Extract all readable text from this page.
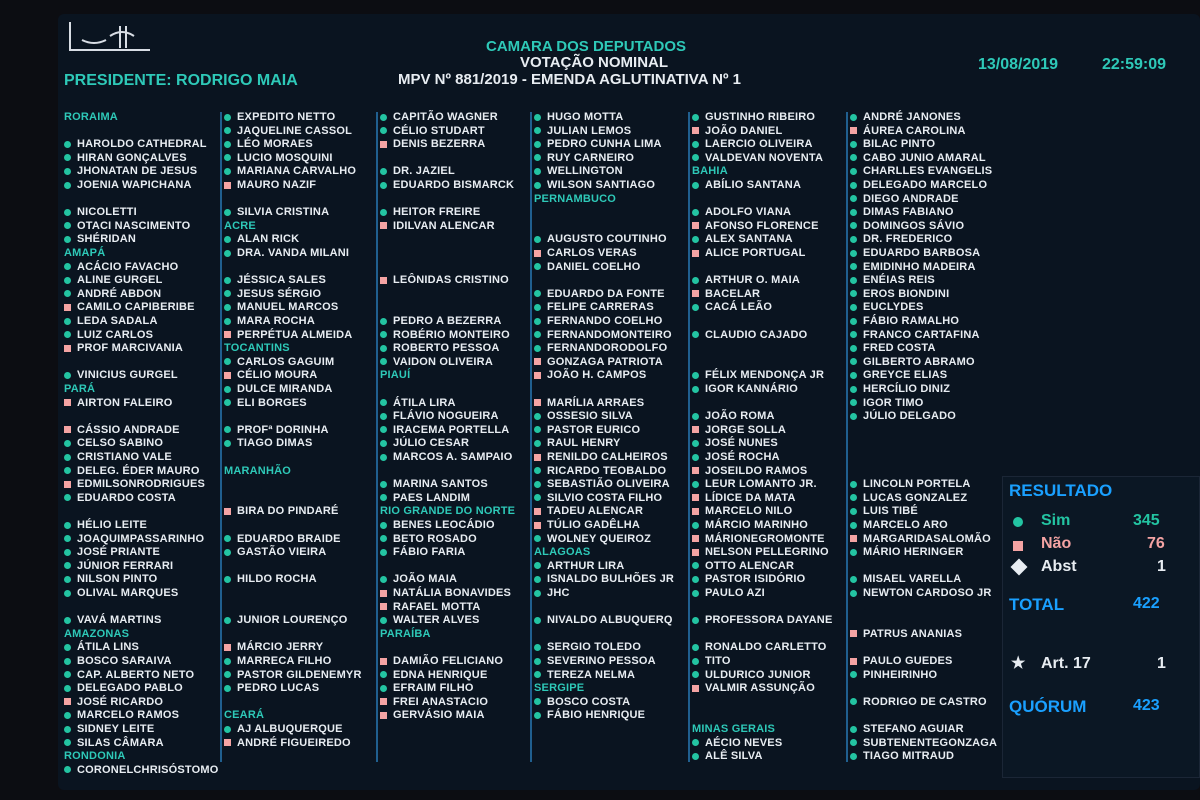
CAMARA DOS DEPUTADOS
VOTAÇÃO NOMINAL
MPV Nº 881/2019 - EMENDA AGLUTINATIVA Nº 1
PRESIDENTE: RODRIGO MAIA
13/08/2019	22:59:09
RORAIMA
HAROLDO CATHEDRAL
HIRAN GONÇALVES
JHONATAN DE JESUS
JOENIA WAPICHANA
NICOLETTI
OTACI NASCIMENTO
SHÉRIDAN
AMAPÁ
ACÁCIO FAVACHO
ALINE GURGEL
ANDRÉ ABDON
CAMILO CAPIBERIBE
LEDA SADALA
LUIZ CARLOS
PROF MARCIVANIA
VINICIUS GURGEL
PARÁ
AIRTON FALEIRO
CÁSSIO ANDRADE
CELSO SABINO
CRISTIANO VALE
DELEG. ÉDER MAURO
EDMILSONRODRIGUES
EDUARDO COSTA
HÉLIO LEITE
JOAQUIMPASSARINHO
JOSÉ PRIANTE
JÚNIOR FERRARI
NILSON PINTO
OLIVAL MARQUES
VAVÁ MARTINS
AMAZONAS
ÁTILA LINS
BOSCO SARAIVA
CAP. ALBERTO NETO
DELEGADO PABLO
JOSÉ RICARDO
MARCELO RAMOS
SIDNEY LEITE
SILAS CÂMARA
RONDONIA
CORONELCHRISÓSTOMO
EXPEDITO NETTO
JAQUELINE CASSOL
LÉO MORAES
LUCIO MOSQUINI
MARIANA CARVALHO
MAURO NAZIF
SILVIA CRISTINA
ACRE
ALAN RICK
DRA. VANDA MILANI
JÉSSICA SALES
JESUS SÉRGIO
MANUEL MARCOS
MARA ROCHA
PERPÉTUA ALMEIDA
TOCANTINS
CARLOS GAGUIM
CÉLIO MOURA
DULCE MIRANDA
ELI BORGES
PROFª DORINHA
TIAGO DIMAS
MARANHÃO
BIRA DO PINDARÉ
EDUARDO BRAIDE
GASTÃO VIEIRA
HILDO ROCHA
JUNIOR LOURENÇO
MÁRCIO JERRY
MARRECA FILHO
PASTOR GILDENEMYR
PEDRO LUCAS
CEARÁ
AJ ALBUQUERQUE
ANDRÉ FIGUEIREDO
CAPITÃO WAGNER
CÉLIO STUDART
DENIS BEZERRA
DR. JAZIEL
EDUARDO BISMARCK
HEITOR FREIRE
IDILVAN ALENCAR
LEÔNIDAS CRISTINO
PEDRO A BEZERRA
ROBÉRIO MONTEIRO
ROBERTO PESSOA
VAIDON OLIVEIRA
PIAUÍ
ÁTILA LIRA
FLÁVIO NOGUEIRA
IRACEMA PORTELLA
JÚLIO CESAR
MARCOS A. SAMPAIO
MARINA SANTOS
PAES LANDIM
RIO GRANDE DO NORTE
BENES LEOCÁDIO
BETO ROSADO
FÁBIO FARIA
JOÃO MAIA
NATÁLIA BONAVIDES
RAFAEL MOTTA
WALTER ALVES
PARAÍBA
DAMIÃO FELICIANO
EDNA HENRIQUE
EFRAIM FILHO
FREI ANASTACIO
GERVÁSIO MAIA
HUGO MOTTA
JULIAN LEMOS
PEDRO CUNHA LIMA
RUY CARNEIRO
WELLINGTON
WILSON SANTIAGO
PERNAMBUCO
AUGUSTO COUTINHO
CARLOS VERAS
DANIEL COELHO
EDUARDO DA FONTE
FELIPE CARRERAS
FERNANDO COELHO
FERNANDOMONTEIRO
FERNANDORODOLFO
GONZAGA PATRIOTA
JOÃO H. CAMPOS
MARÍLIA ARRAES
OSSESIO SILVA
PASTOR EURICO
RAUL HENRY
RENILDO CALHEIROS
RICARDO TEOBALDO
SEBASTIÃO OLIVEIRA
SILVIO COSTA FILHO
TADEU ALENCAR
TÚLIO GADÊLHA
WOLNEY QUEIROZ
ALAGOAS
ARTHUR LIRA
ISNALDO BULHÕES JR
JHC
NIVALDO ALBUQUERQ
SERGIO TOLEDO
SEVERINO PESSOA
TEREZA NELMA
SERGIPE
BOSCO COSTA
FÁBIO HENRIQUE
GUSTINHO RIBEIRO
JOÃO DANIEL
LAERCIO OLIVEIRA
VALDEVAN NOVENTA
BAHIA
ABÍLIO SANTANA
ADOLFO VIANA
AFONSO FLORENCE
ALEX SANTANA
ALICE PORTUGAL
ARTHUR O. MAIA
BACELAR
CACÁ LEÃO
CLAUDIO CAJADO
FÉLIX MENDONÇA JR
IGOR KANNÁRIO
JOÃO ROMA
JORGE SOLLA
JOSÉ NUNES
JOSÉ ROCHA
JOSEILDO RAMOS
LEUR LOMANTO JR.
LÍDICE DA MATA
MARCELO NILO
MÁRCIO MARINHO
MÁRIONEGROMONTE
NELSON PELLEGRINO
OTTO ALENCAR
PASTOR ISIDÓRIO
PAULO AZI
PROFESSORA DAYANE
RONALDO CARLETTO
TITO
ULDURICO JUNIOR
VALMIR ASSUNÇÃO
MINAS GERAIS
AÉCIO NEVES
ALÊ SILVA
ANDRÉ JANONES
ÁUREA CAROLINA
BILAC PINTO
CABO JUNIO AMARAL
CHARLLES EVANGELIS
DELEGADO MARCELO
DIEGO ANDRADE
DIMAS FABIANO
DOMINGOS SÁVIO
DR. FREDERICO
EDUARDO BARBOSA
EMIDINHO MADEIRA
ENÉIAS REIS
EROS BIONDINI
EUCLYDES
FÁBIO RAMALHO
FRANCO CARTAFINA
FRED COSTA
GILBERTO ABRAMO
GREYCE ELIAS
HERCÍLIO DINIZ
IGOR TIMO
JÚLIO DELGADO
LINCOLN PORTELA
LUCAS GONZALEZ
LUIS TIBÉ
MARCELO ARO
MARGARIDASALOMÃO
MÁRIO HERINGER
MISAEL VARELLA
NEWTON CARDOSO JR
PATRUS ANANIAS
PAULO GUEDES
PINHEIRINHO
RODRIGO DE CASTRO
STEFANO AGUIAR
SUBTENENTEGONZAGA
TIAGO MITRAUD
RESULTADO
Sim	345
Não	76
Abst	1
TOTAL	422
★ Art. 17	1
QUÓRUM	423
